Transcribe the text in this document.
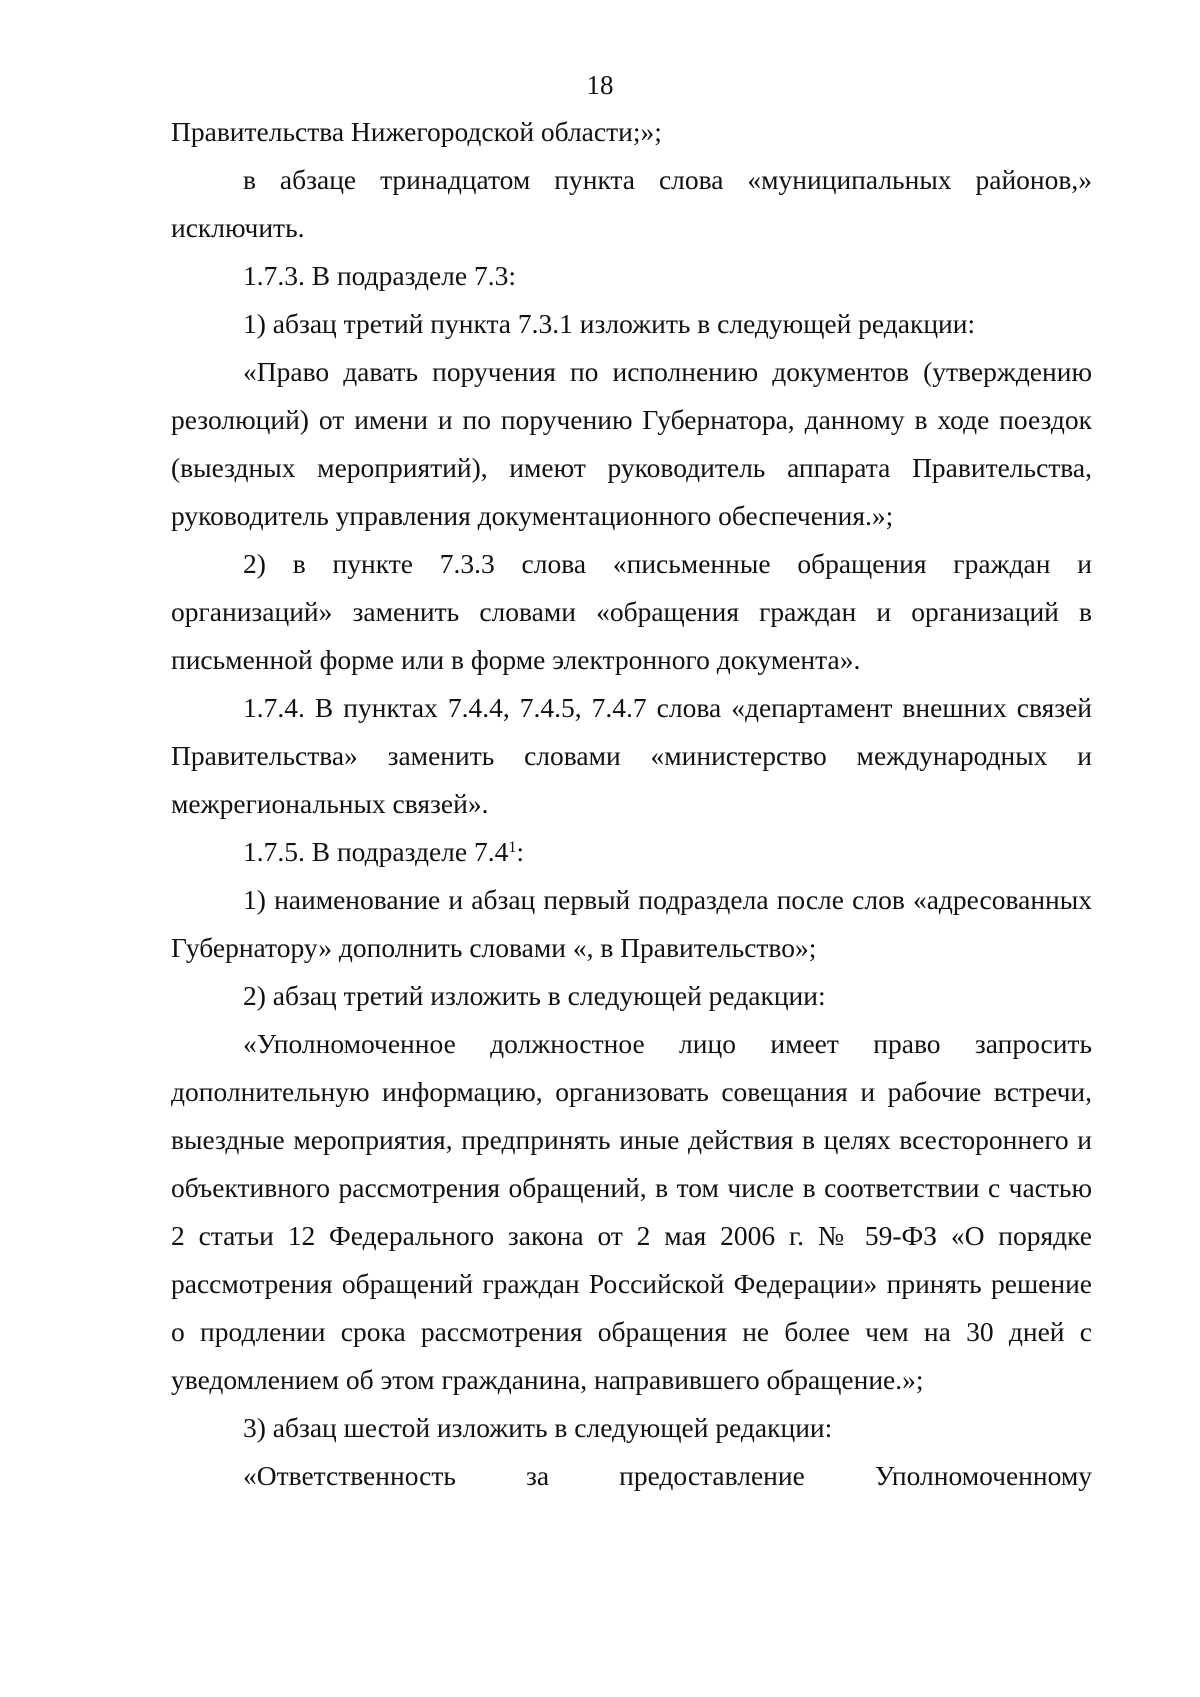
18

Правительства Нижегородской области;»;

в абзаце тринадцатом пункта слова «муниципальных районов,» исключить.

1.7.3. В подразделе 7.3:

1) абзац третий пункта 7.3.1 изложить в следующей редакции:

«Право давать поручения по исполнению документов (утверждению резолюций) от имени и по поручению Губернатора, данному в ходе поездок (выездных мероприятий), имеют руководитель аппарата Правительства, руководитель управления документационного обеспечения.»;

2) в пункте 7.3.3 слова «письменные обращения граждан и организаций» заменить словами «обращения граждан и организаций в письменной форме или в форме электронного документа».

1.7.4. В пунктах 7.4.4, 7.4.5, 7.4.7 слова «департамент внешних связей Правительства» заменить словами «министерство международных и межрегиональных связей».

1.7.5. В подразделе $7.4^1$:

1) наименование и абзац первый подраздела после слов «адресованных Губернатору» дополнить словами «, в Правительство»;

2) абзац третий изложить в следующей редакции:

«Уполномоченное должностное лицо имеет право запросить дополнительную информацию, организовать совещания и рабочие встречи, выездные мероприятия, предпринять иные действия в целях всестороннего и объективного рассмотрения обращений, в том числе в соответствии с частью 2 статьи 12 Федерального закона от 2 мая 2006 г. № 59-ФЗ «О порядке рассмотрения обращений граждан Российской Федерации» принять решение о продлении срока рассмотрения обращения не более чем на 30 дней с уведомлением об этом гражданина, направившего обращение.»;

3) абзац шестой изложить в следующей редакции:

«Ответственность за предоставление Уполномоченному
